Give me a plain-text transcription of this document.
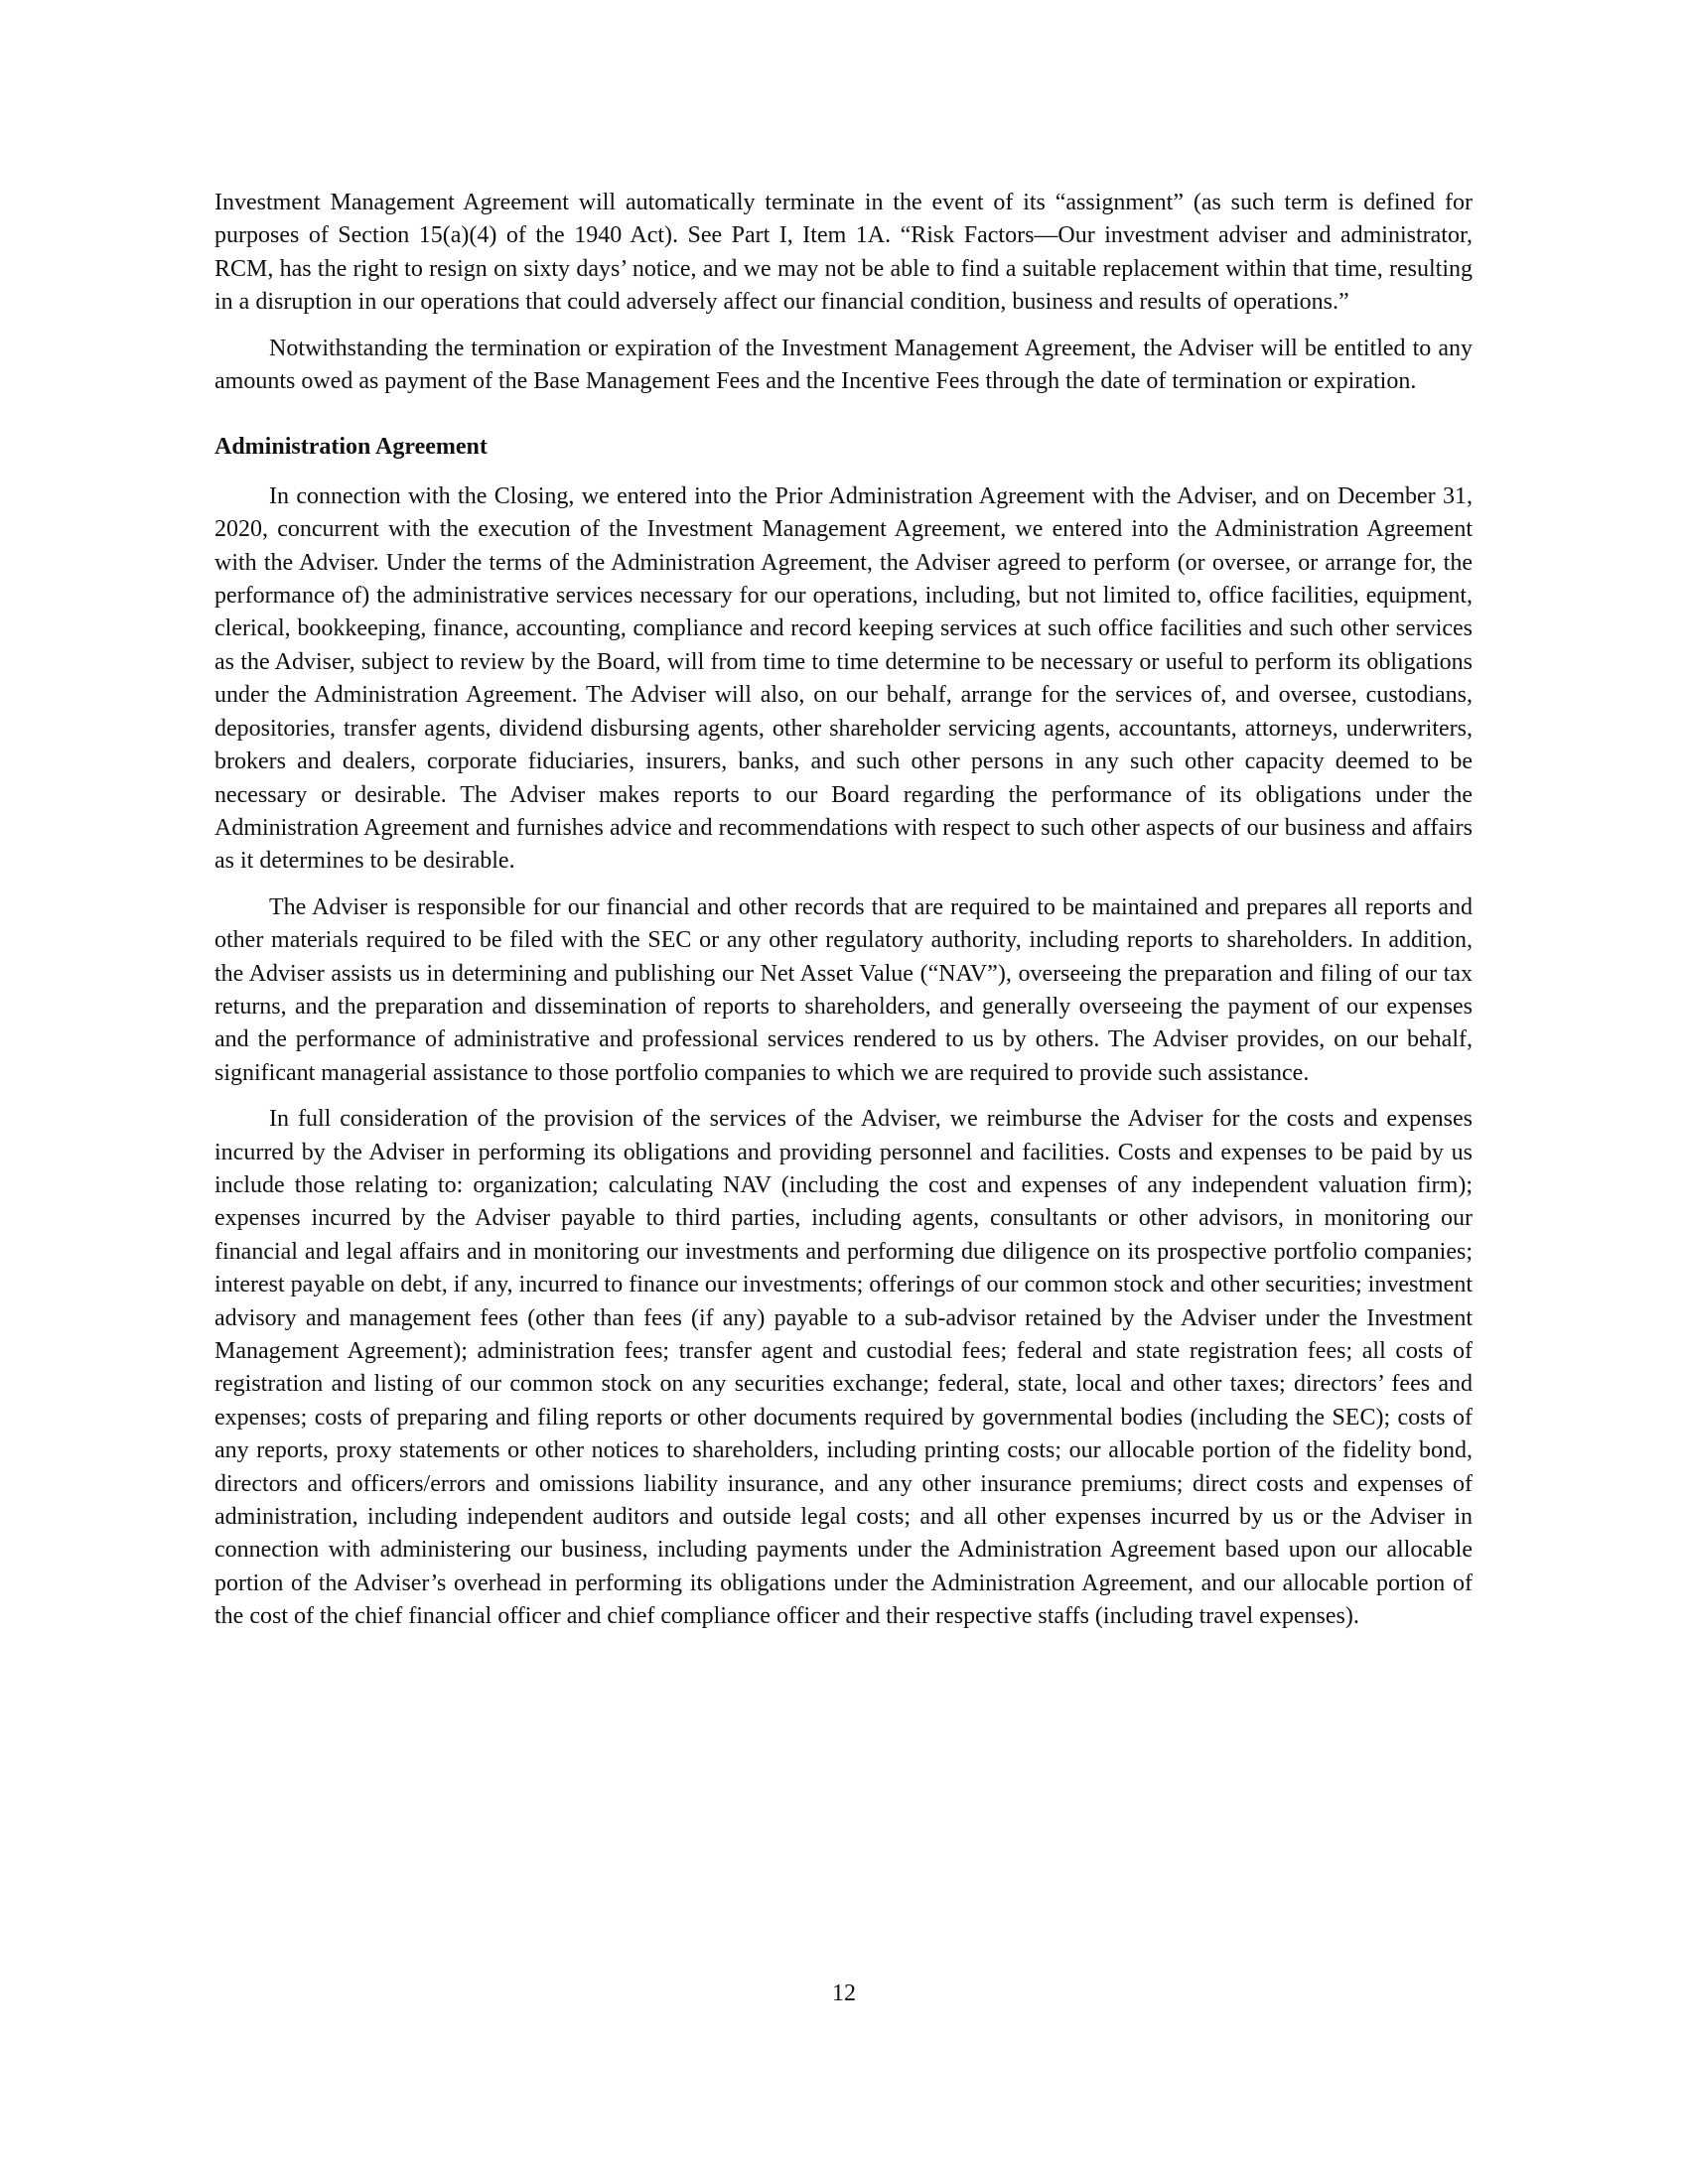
Investment Management Agreement will automatically terminate in the event of its “assignment” (as such term is defined for purposes of Section 15(a)(4) of the 1940 Act). See Part I, Item 1A. “Risk Factors—Our investment adviser and administrator, RCM, has the right to resign on sixty days’ notice, and we may not be able to find a suitable replacement within that time, resulting in a disruption in our operations that could adversely affect our financial condition, business and results of operations.”

Notwithstanding the termination or expiration of the Investment Management Agreement, the Adviser will be entitled to any amounts owed as payment of the Base Management Fees and the Incentive Fees through the date of termination or expiration.

Administration Agreement

In connection with the Closing, we entered into the Prior Administration Agreement with the Adviser, and on December 31, 2020, concurrent with the execution of the Investment Management Agreement, we entered into the Administration Agreement with the Adviser. Under the terms of the Administration Agreement, the Adviser agreed to perform (or oversee, or arrange for, the performance of) the administrative services necessary for our operations, including, but not limited to, office facilities, equipment, clerical, bookkeeping, finance, accounting, compliance and record keeping services at such office facilities and such other services as the Adviser, subject to review by the Board, will from time to time determine to be necessary or useful to perform its obligations under the Administration Agreement. The Adviser will also, on our behalf, arrange for the services of, and oversee, custodians, depositories, transfer agents, dividend disbursing agents, other shareholder servicing agents, accountants, attorneys, underwriters, brokers and dealers, corporate fiduciaries, insurers, banks, and such other persons in any such other capacity deemed to be necessary or desirable. The Adviser makes reports to our Board regarding the performance of its obligations under the Administration Agreement and furnishes advice and recommendations with respect to such other aspects of our business and affairs as it determines to be desirable.

The Adviser is responsible for our financial and other records that are required to be maintained and prepares all reports and other materials required to be filed with the SEC or any other regulatory authority, including reports to shareholders. In addition, the Adviser assists us in determining and publishing our Net Asset Value (“NAV”), overseeing the preparation and filing of our tax returns, and the preparation and dissemination of reports to shareholders, and generally overseeing the payment of our expenses and the performance of administrative and professional services rendered to us by others. The Adviser provides, on our behalf, significant managerial assistance to those portfolio companies to which we are required to provide such assistance.

In full consideration of the provision of the services of the Adviser, we reimburse the Adviser for the costs and expenses incurred by the Adviser in performing its obligations and providing personnel and facilities. Costs and expenses to be paid by us include those relating to: organization; calculating NAV (including the cost and expenses of any independent valuation firm); expenses incurred by the Adviser payable to third parties, including agents, consultants or other advisors, in monitoring our financial and legal affairs and in monitoring our investments and performing due diligence on its prospective portfolio companies; interest payable on debt, if any, incurred to finance our investments; offerings of our common stock and other securities; investment advisory and management fees (other than fees (if any) payable to a sub-advisor retained by the Adviser under the Investment Management Agreement); administration fees; transfer agent and custodial fees; federal and state registration fees; all costs of registration and listing of our common stock on any securities exchange; federal, state, local and other taxes; directors’ fees and expenses; costs of preparing and filing reports or other documents required by governmental bodies (including the SEC); costs of any reports, proxy statements or other notices to shareholders, including printing costs; our allocable portion of the fidelity bond, directors and officers/errors and omissions liability insurance, and any other insurance premiums; direct costs and expenses of administration, including independent auditors and outside legal costs; and all other expenses incurred by us or the Adviser in connection with administering our business, including payments under the Administration Agreement based upon our allocable portion of the Adviser’s overhead in performing its obligations under the Administration Agreement, and our allocable portion of the cost of the chief financial officer and chief compliance officer and their respective staffs (including travel expenses).

12
